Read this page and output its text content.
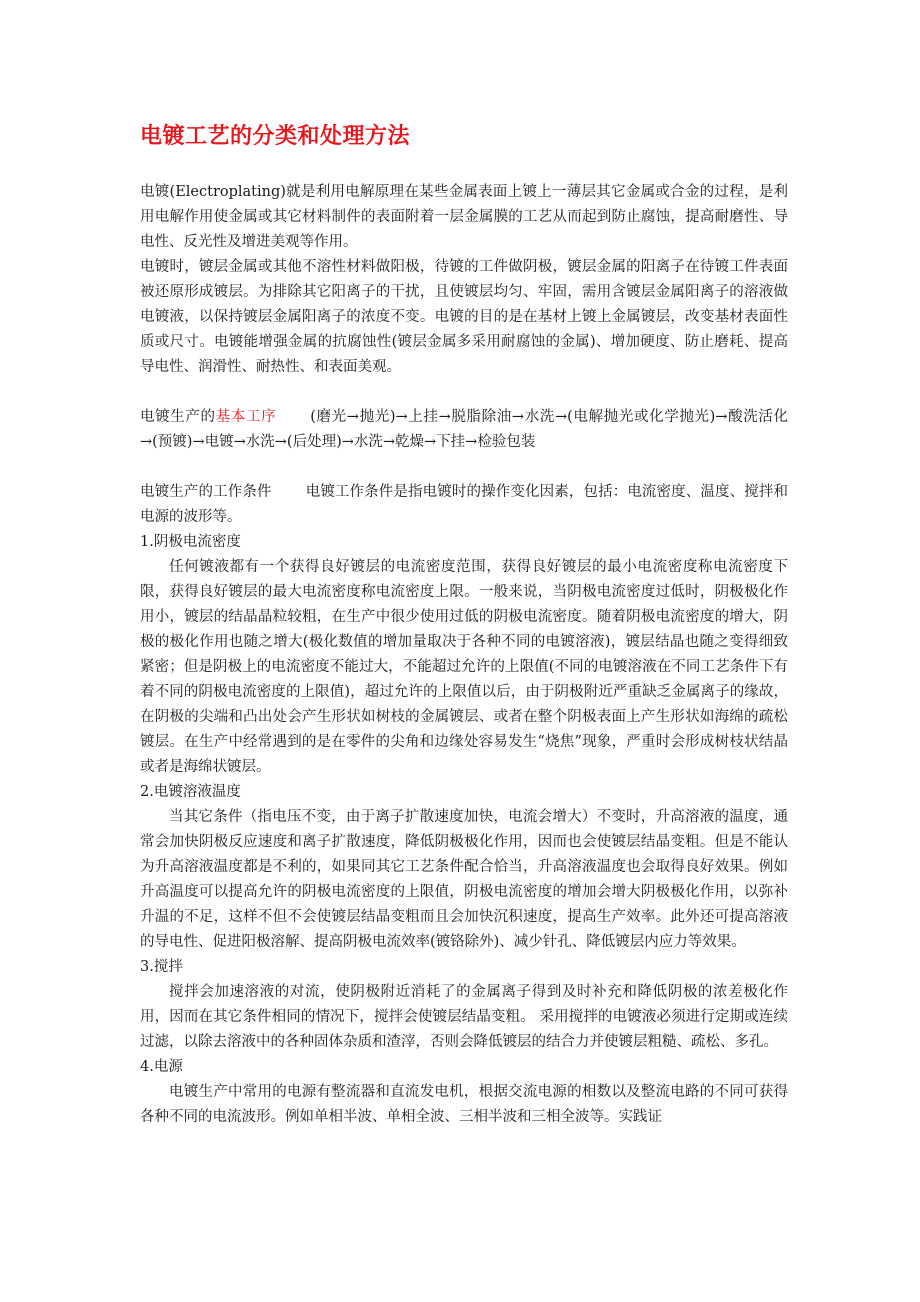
电镀工艺的分类和处理方法

电镀(Electroplating)就是利用电解原理在某些金属表面上镀上一薄层其它金属或合金的过程，是利用电解作用使金属或其它材料制件的表面附着一层金属膜的工艺从而起到防止腐蚀，提高耐磨性、导电性、反光性及增进美观等作用。

电镀时，镀层金属或其他不溶性材料做阳极，待镀的工件做阴极，镀层金属的阳离子在待镀工件表面被还原形成镀层。为排除其它阳离子的干扰，且使镀层均匀、牢固，需用含镀层金属阳离子的溶液做电镀液，以保持镀层金属阳离子的浓度不变。电镀的目的是在基材上镀上金属镀层，改变基材表面性质或尺寸。电镀能增强金属的抗腐蚀性(镀层金属多采用耐腐蚀的金属)、增加硬度、防止磨耗、提高导电性、润滑性、耐热性、和表面美观。

电镀生产的基本工序 (磨光→抛光)→上挂→脱脂除油→水洗→(电解抛光或化学抛光)→酸洗活化→(预镀)→电镀→水洗→(后处理)→水洗→乾燥→下挂→检验包装

电镀生产的工作条件 电镀工作条件是指电镀时的操作变化因素，包括：电流密度、温度、搅拌和电源的波形等。

1.阴极电流密度

任何镀液都有一个获得良好镀层的电流密度范围，获得良好镀层的最小电流密度称电流密度下限，获得良好镀层的最大电流密度称电流密度上限。一般来说，当阴极电流密度过低时，阴极极化作用小，镀层的结晶晶粒较粗，在生产中很少使用过低的阴极电流密度。随着阴极电流密度的增大，阴极的极化作用也随之增大(极化数值的增加量取决于各种不同的电镀溶液)，镀层结晶也随之变得细致紧密；但是阴极上的电流密度不能过大，不能超过允许的上限值(不同的电镀溶液在不同工艺条件下有着不同的阴极电流密度的上限值)，超过允许的上限值以后，由于阴极附近严重缺乏金属离子的缘故，在阴极的尖端和凸出处会产生形状如树枝的金属镀层、或者在整个阴极表面上产生形状如海绵的疏松镀层。在生产中经常遇到的是在零件的尖角和边缘处容易发生“烧焦”现象，严重时会形成树枝状结晶或者是海绵状镀层。

2.电镀溶液温度

当其它条件（指电压不变，由于离子扩散速度加快，电流会增大）不变时，升高溶液的温度，通常会加快阴极反应速度和离子扩散速度，降低阴极极化作用，因而也会使镀层结晶变粗。但是不能认为升高溶液温度都是不利的，如果同其它工艺条件配合恰当，升高溶液温度也会取得良好效果。例如升高温度可以提高允许的阴极电流密度的上限值，阴极电流密度的增加会增大阴极极化作用，以弥补升温的不足，这样不但不会使镀层结晶变粗而且会加快沉积速度，提高生产效率。此外还可提高溶液的导电性、促进阳极溶解、提高阴极电流效率(镀铬除外)、减少针孔、降低镀层内应力等效果。

3.搅拌

搅拌会加速溶液的对流，使阴极附近消耗了的金属离子得到及时补充和降低阴极的浓差极化作用，因而在其它条件相同的情况下，搅拌会使镀层结晶变粗。 采用搅拌的电镀液必须进行定期或连续过滤，以除去溶液中的各种固体杂质和渣滓，否则会降低镀层的结合力并使镀层粗糙、疏松、多孔。

4.电源

电镀生产中常用的电源有整流器和直流发电机，根据交流电源的相数以及整流电路的不同可获得各种不同的电流波形。例如单相半波、单相全波、三相半波和三相全波等。实践证
